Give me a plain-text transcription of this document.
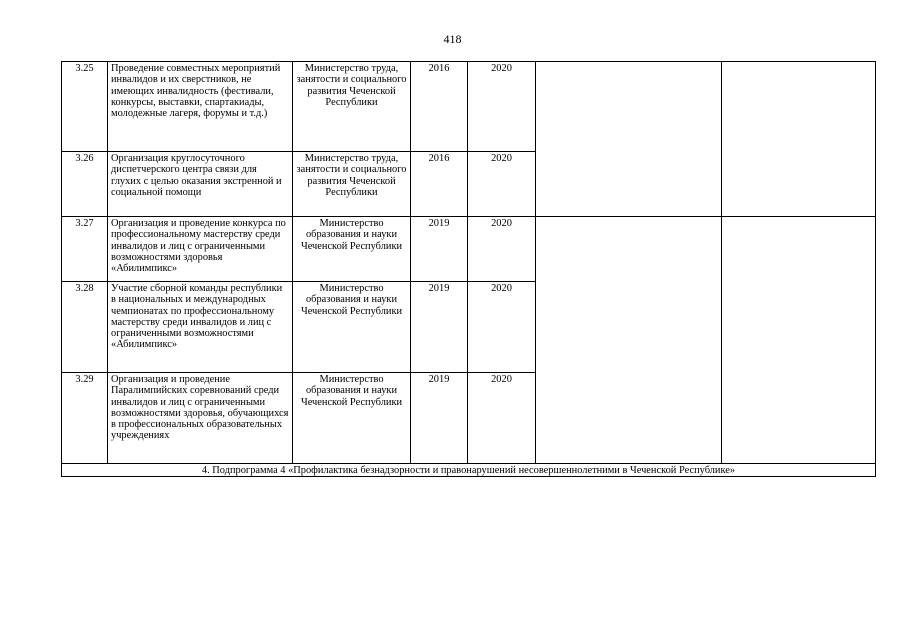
418
3.25	Проведение совместных мероприятий инвалидов и их сверстников, не имеющих инвалидность (фестивали, конкурсы, выставки, спартакиады, молодежные лагеря, форумы и т.д.)	Министерство труда, занятости и социального развития Чеченской Республики	2016	2020		
3.26	Организация круглосуточного диспетчерского центра связи для глухих с целью оказания экстренной и социальной помощи	Министерство труда, занятости и социального развития Чеченской Республики	2016	2020		
3.27	Организация и проведение конкурса по профессиональному мастерству среди инвалидов и лиц с ограниченными возможностями здоровья «Абилимпикс»	Министерство образования и науки Чеченской Республики	2019	2020		
3.28	Участие сборной команды республики в национальных и международных чемпионатах по профессиональному мастерству среди инвалидов и лиц с ограниченными возможностями «Абилимпикс»	Министерство образования и науки Чеченской Республики	2019	2020		
3.29	Организация и проведение Паралимпийских соревнований среди инвалидов и лиц с ограниченными возможностями здоровья, обучающихся в профессиональных образовательных учреждениях	Министерство образования и науки Чеченской Республики	2019	2020		
4. Подпрограмма 4 «Профилактика безнадзорности и правонарушений несовершеннолетними в Чеченской Республике»						
